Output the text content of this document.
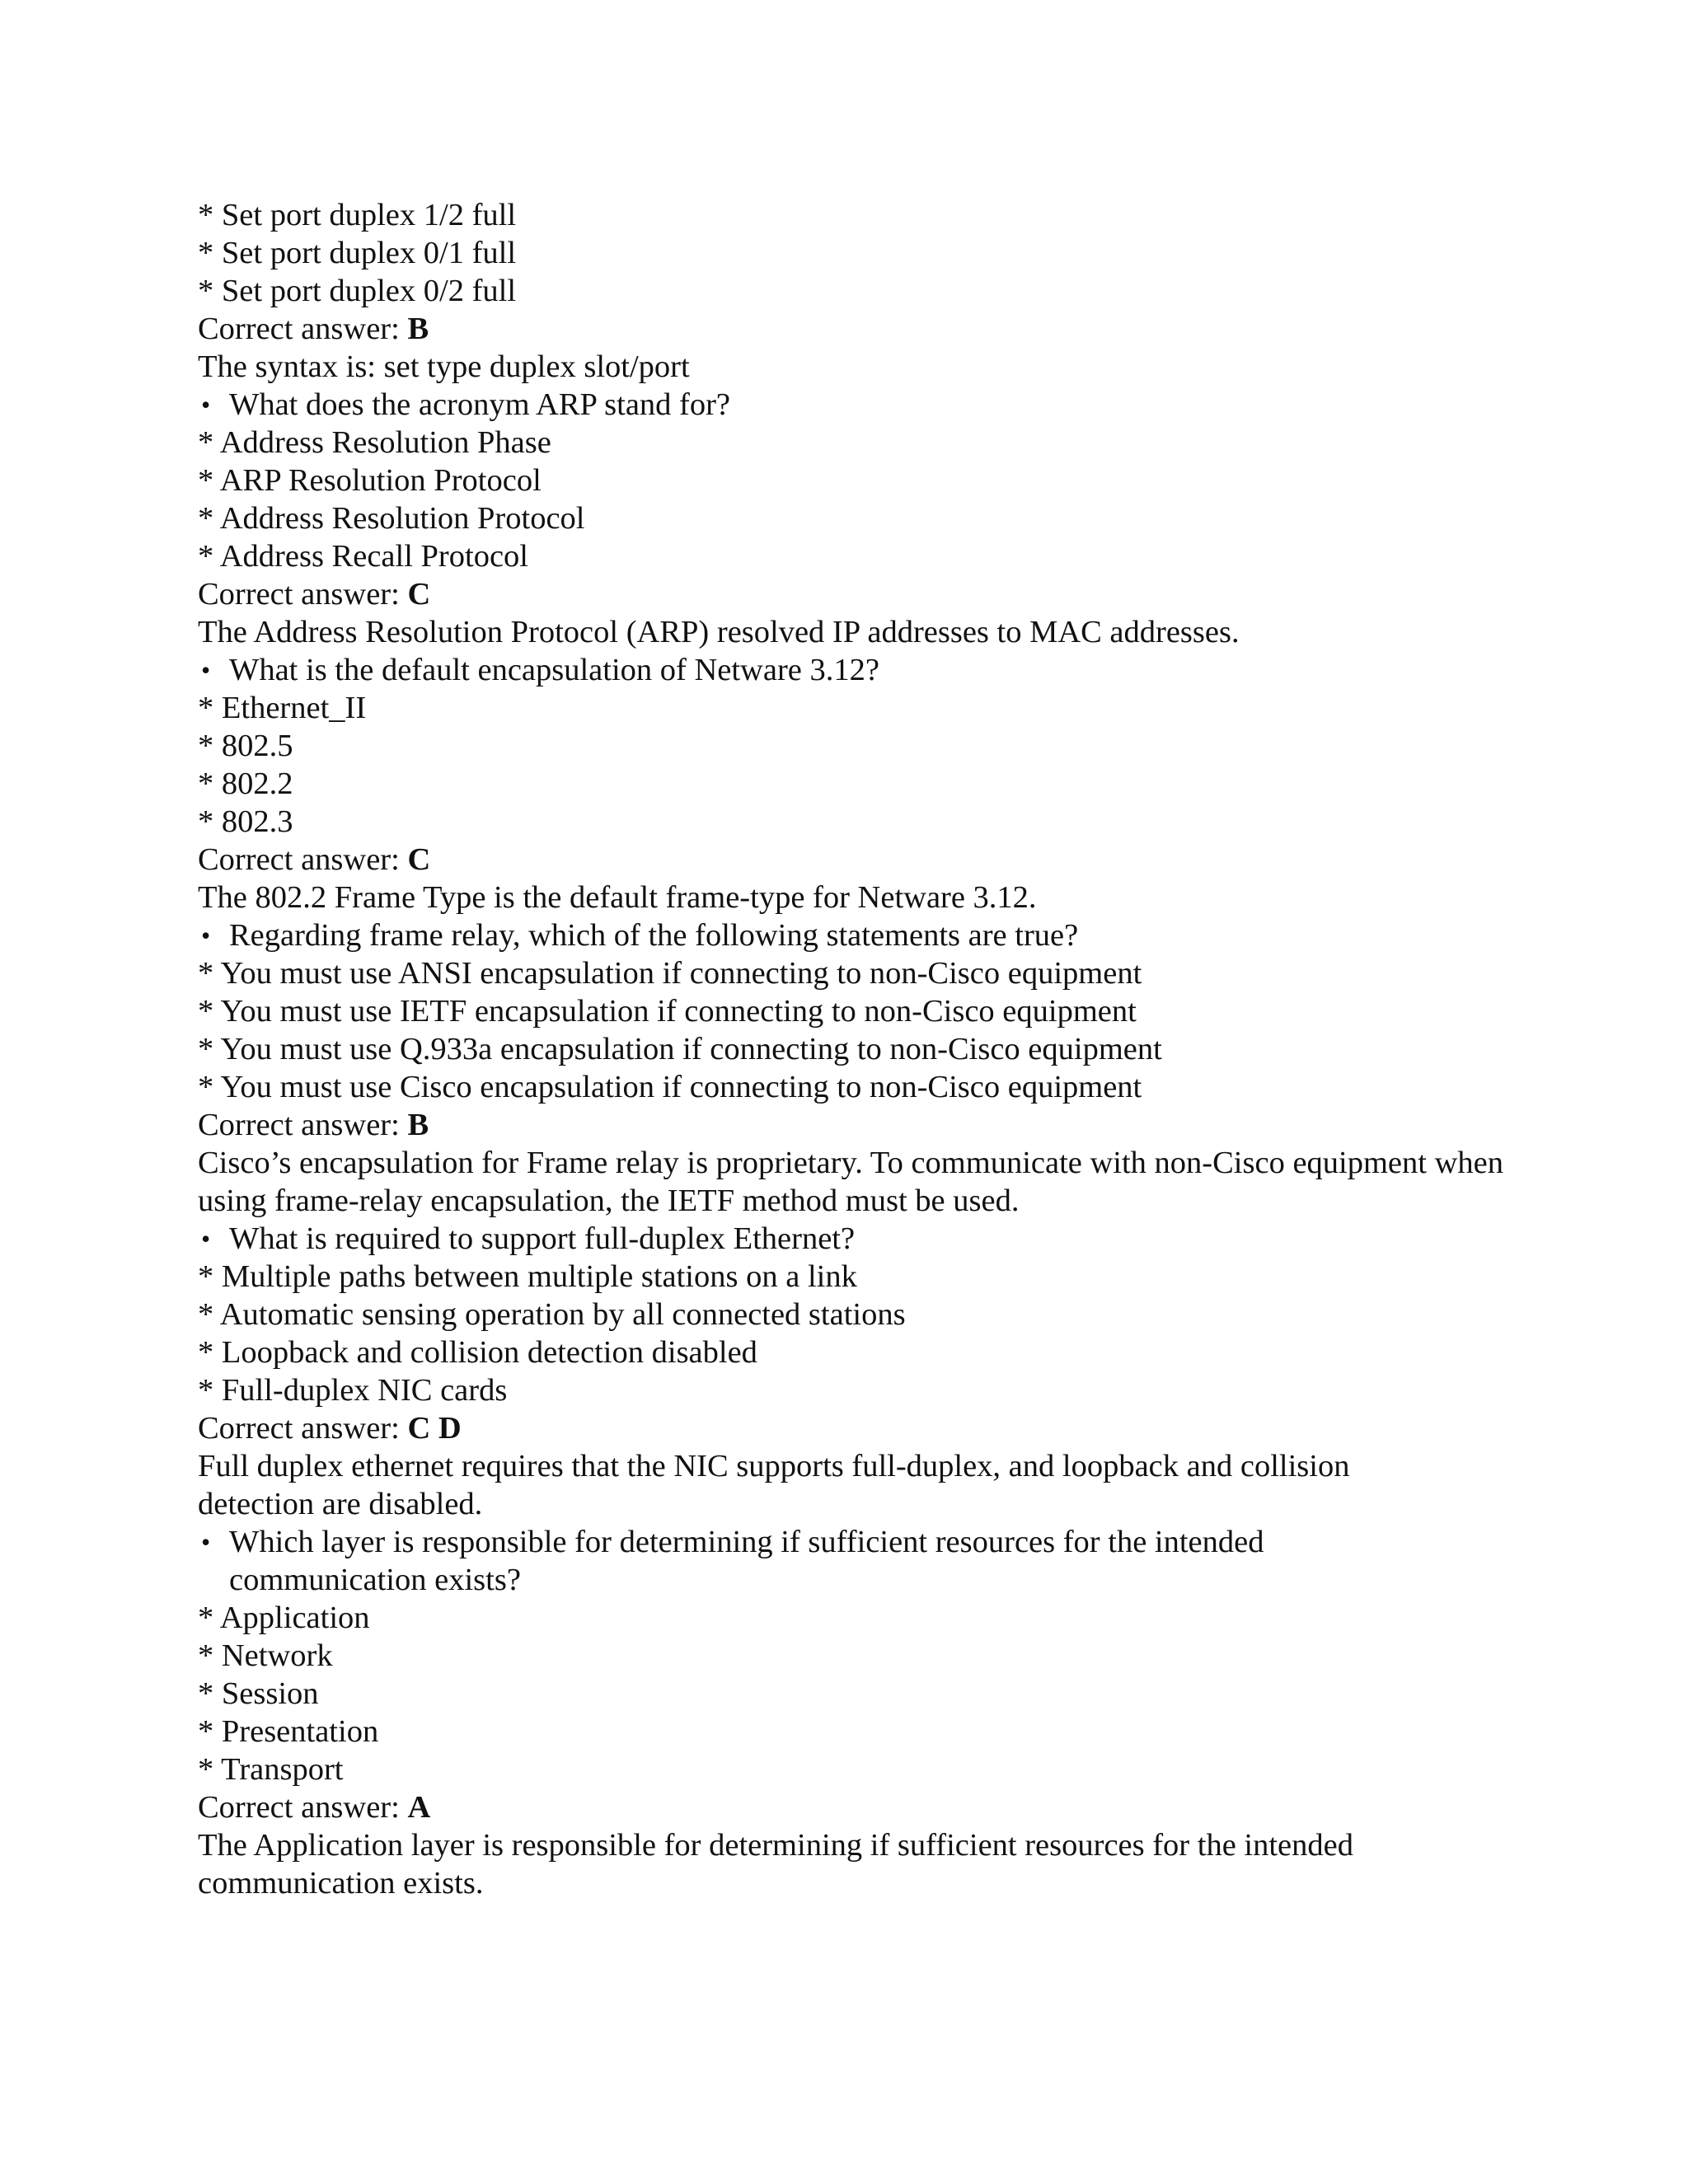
* Set port duplex 1/2 full
* Set port duplex 0/1 full
* Set port duplex 0/2 full
Correct answer: B
The syntax is: set type duplex slot/port
• What does the acronym ARP stand for?
* Address Resolution Phase
* ARP Resolution Protocol
* Address Resolution Protocol
* Address Recall Protocol
Correct answer: C
The Address Resolution Protocol (ARP) resolved IP addresses to MAC addresses.
• What is the default encapsulation of Netware 3.12?
* Ethernet_II
* 802.5
* 802.2
* 802.3
Correct answer: C
The 802.2 Frame Type is the default frame-type for Netware 3.12.
• Regarding frame relay, which of the following statements are true?
* You must use ANSI encapsulation if connecting to non-Cisco equipment
* You must use IETF encapsulation if connecting to non-Cisco equipment
* You must use Q.933a encapsulation if connecting to non-Cisco equipment
* You must use Cisco encapsulation if connecting to non-Cisco equipment
Correct answer: B
Cisco’s encapsulation for Frame relay is proprietary. To communicate with non-Cisco equipment when using frame-relay encapsulation, the IETF method must be used.
• What is required to support full-duplex Ethernet?
* Multiple paths between multiple stations on a link
* Automatic sensing operation by all connected stations
* Loopback and collision detection disabled
* Full-duplex NIC cards
Correct answer: C D
Full duplex ethernet requires that the NIC supports full-duplex, and loopback and collision detection are disabled.
• Which layer is responsible for determining if sufficient resources for the intended communication exists?
* Application
* Network
* Session
* Presentation
* Transport
Correct answer: A
The Application layer is responsible for determining if sufficient resources for the intended communication exists.
